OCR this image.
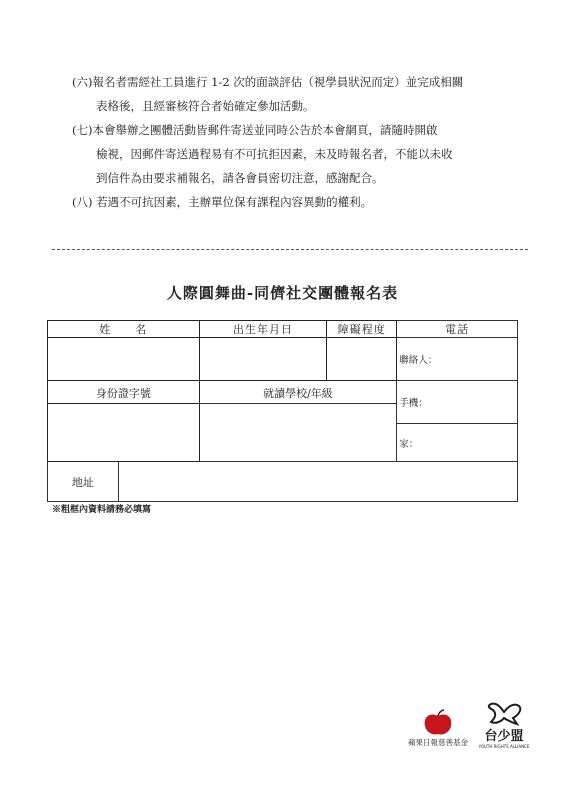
(六)報名者需經社工員進行 1-2 次的面談評估（視學員狀況而定）並完成相關
表格後，且經審核符合者始確定參加活動。

(七)本會舉辦之團體活動皆郵件寄送並同時公告於本會網頁，請隨時開啟
檢視，因郵件寄送過程易有不可抗拒因素，未及時報名者，不能以未收
到信件為由要求補報名，請各會員密切注意，感謝配合。

(八) 若遇不可抗因素，主辦單位保有課程內容異動的權利。

人際圓舞曲-同儕社交團體報名表
姓　　名		出生年月日	障礙程度	電話
				聯絡人：
身份證字號		就讀學校/年級		手機：

				家：
地址				
※粗框內資料請務必填寫
蘋果日報慈善基金 台少盟
YOUTH RIGHTS ALLIANCE
